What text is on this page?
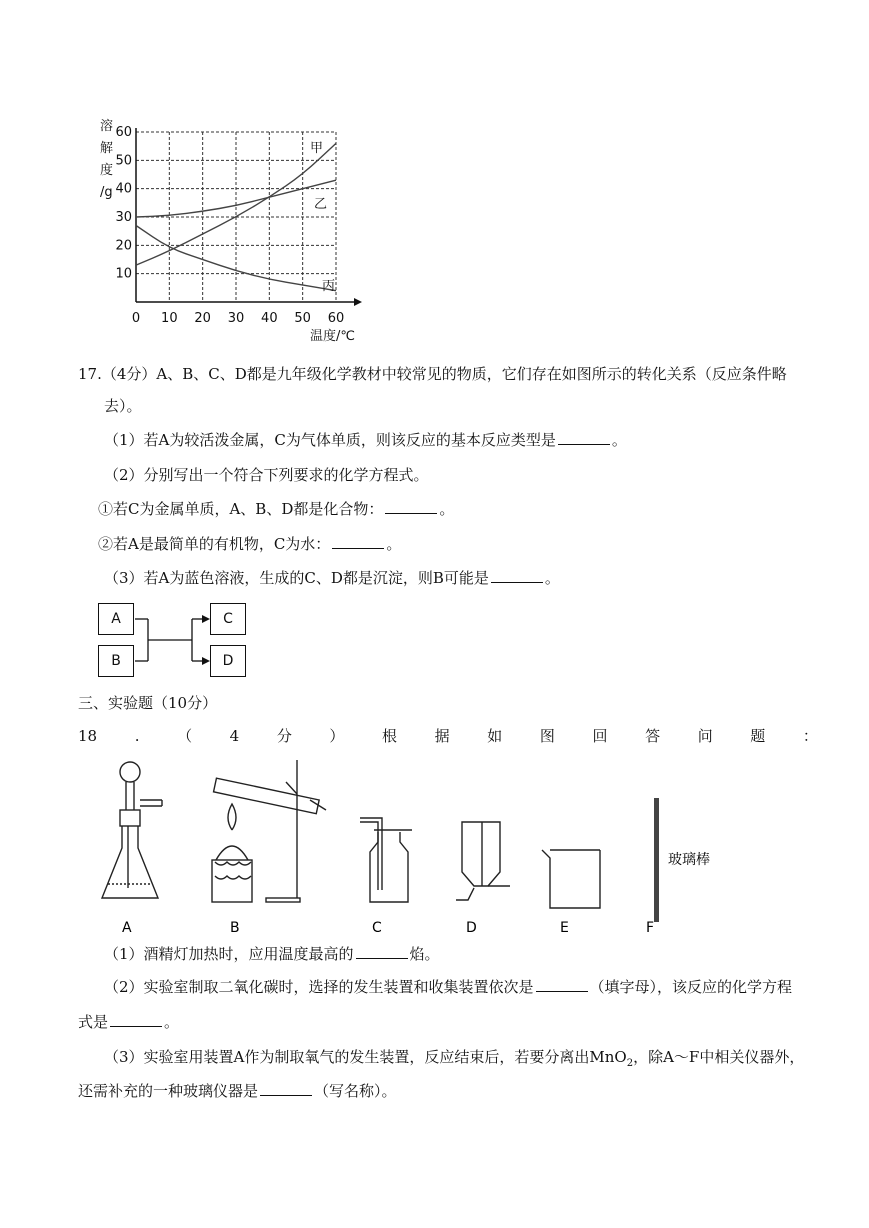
0 10 20 30 40 50 60
10
20
30
40
50
60
溶
解
度
/g
温度/℃
甲
乙
丙
17.（4分）A、B、C、D都是九年级化学教材中较常见的物质，它们存在如图所示的转化关系（反应条件略
去）。
（1）若A为较活泼金属，C为气体单质，则该反应的基本反应类型是	。
（2）分别写出一个符合下列要求的化学方程式。
①若C为金属单质，A、B、D都是化合物：	。
②若A是最简单的有机物，C为水：	。
（3）若A为蓝色溶液，生成的C、D都是沉淀，则B可能是	。
A
B
C
D
三、实验题（10分）
18	.	（	4	分	）	根	据	如	图	回	答	问	题	：
玻璃棒
A	B	C	D	E	F
（1）酒精灯加热时，应用温度最高的	焰。
（2）实验室制取二氧化碳时，选择的发生装置和收集装置依次是	（填字母），该反应的化学方程
式是	。
（3）实验室用装置A作为制取氧气的发生装置，反应结束后，若要分离出MnO$_2$，除A～F中相关仪器外，
还需补充的一种玻璃仪器是	（写名称）。
